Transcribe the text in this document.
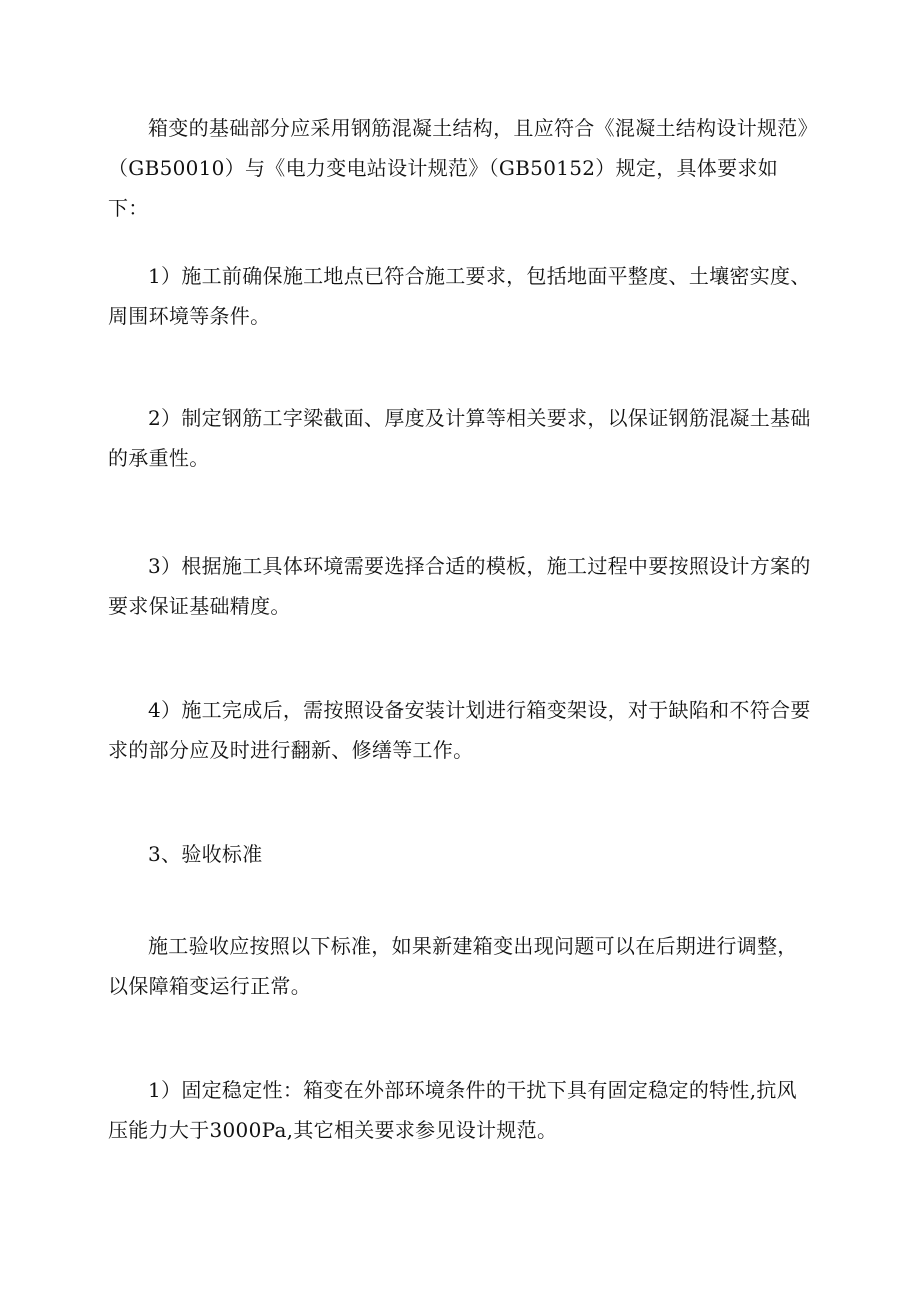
箱变的基础部分应采用钢筋混凝土结构，且应符合《混凝土结构设计规范》（GB50010）与《电力变电站设计规范》（GB50152）规定，具体要求如下：

1）施工前确保施工地点已符合施工要求，包括地面平整度、土壤密实度、周围环境等条件。

2）制定钢筋工字梁截面、厚度及计算等相关要求，以保证钢筋混凝土基础的承重性。

3）根据施工具体环境需要选择合适的模板，施工过程中要按照设计方案的要求保证基础精度。

4）施工完成后，需按照设备安装计划进行箱变架设，对于缺陷和不符合要求的部分应及时进行翻新、修缮等工作。

3、验收标准

施工验收应按照以下标准，如果新建箱变出现问题可以在后期进行调整，以保障箱变运行正常。

1）固定稳定性：箱变在外部环境条件的干扰下具有固定稳定的特性,抗风压能力大于3000Pa,其它相关要求参见设计规范。
